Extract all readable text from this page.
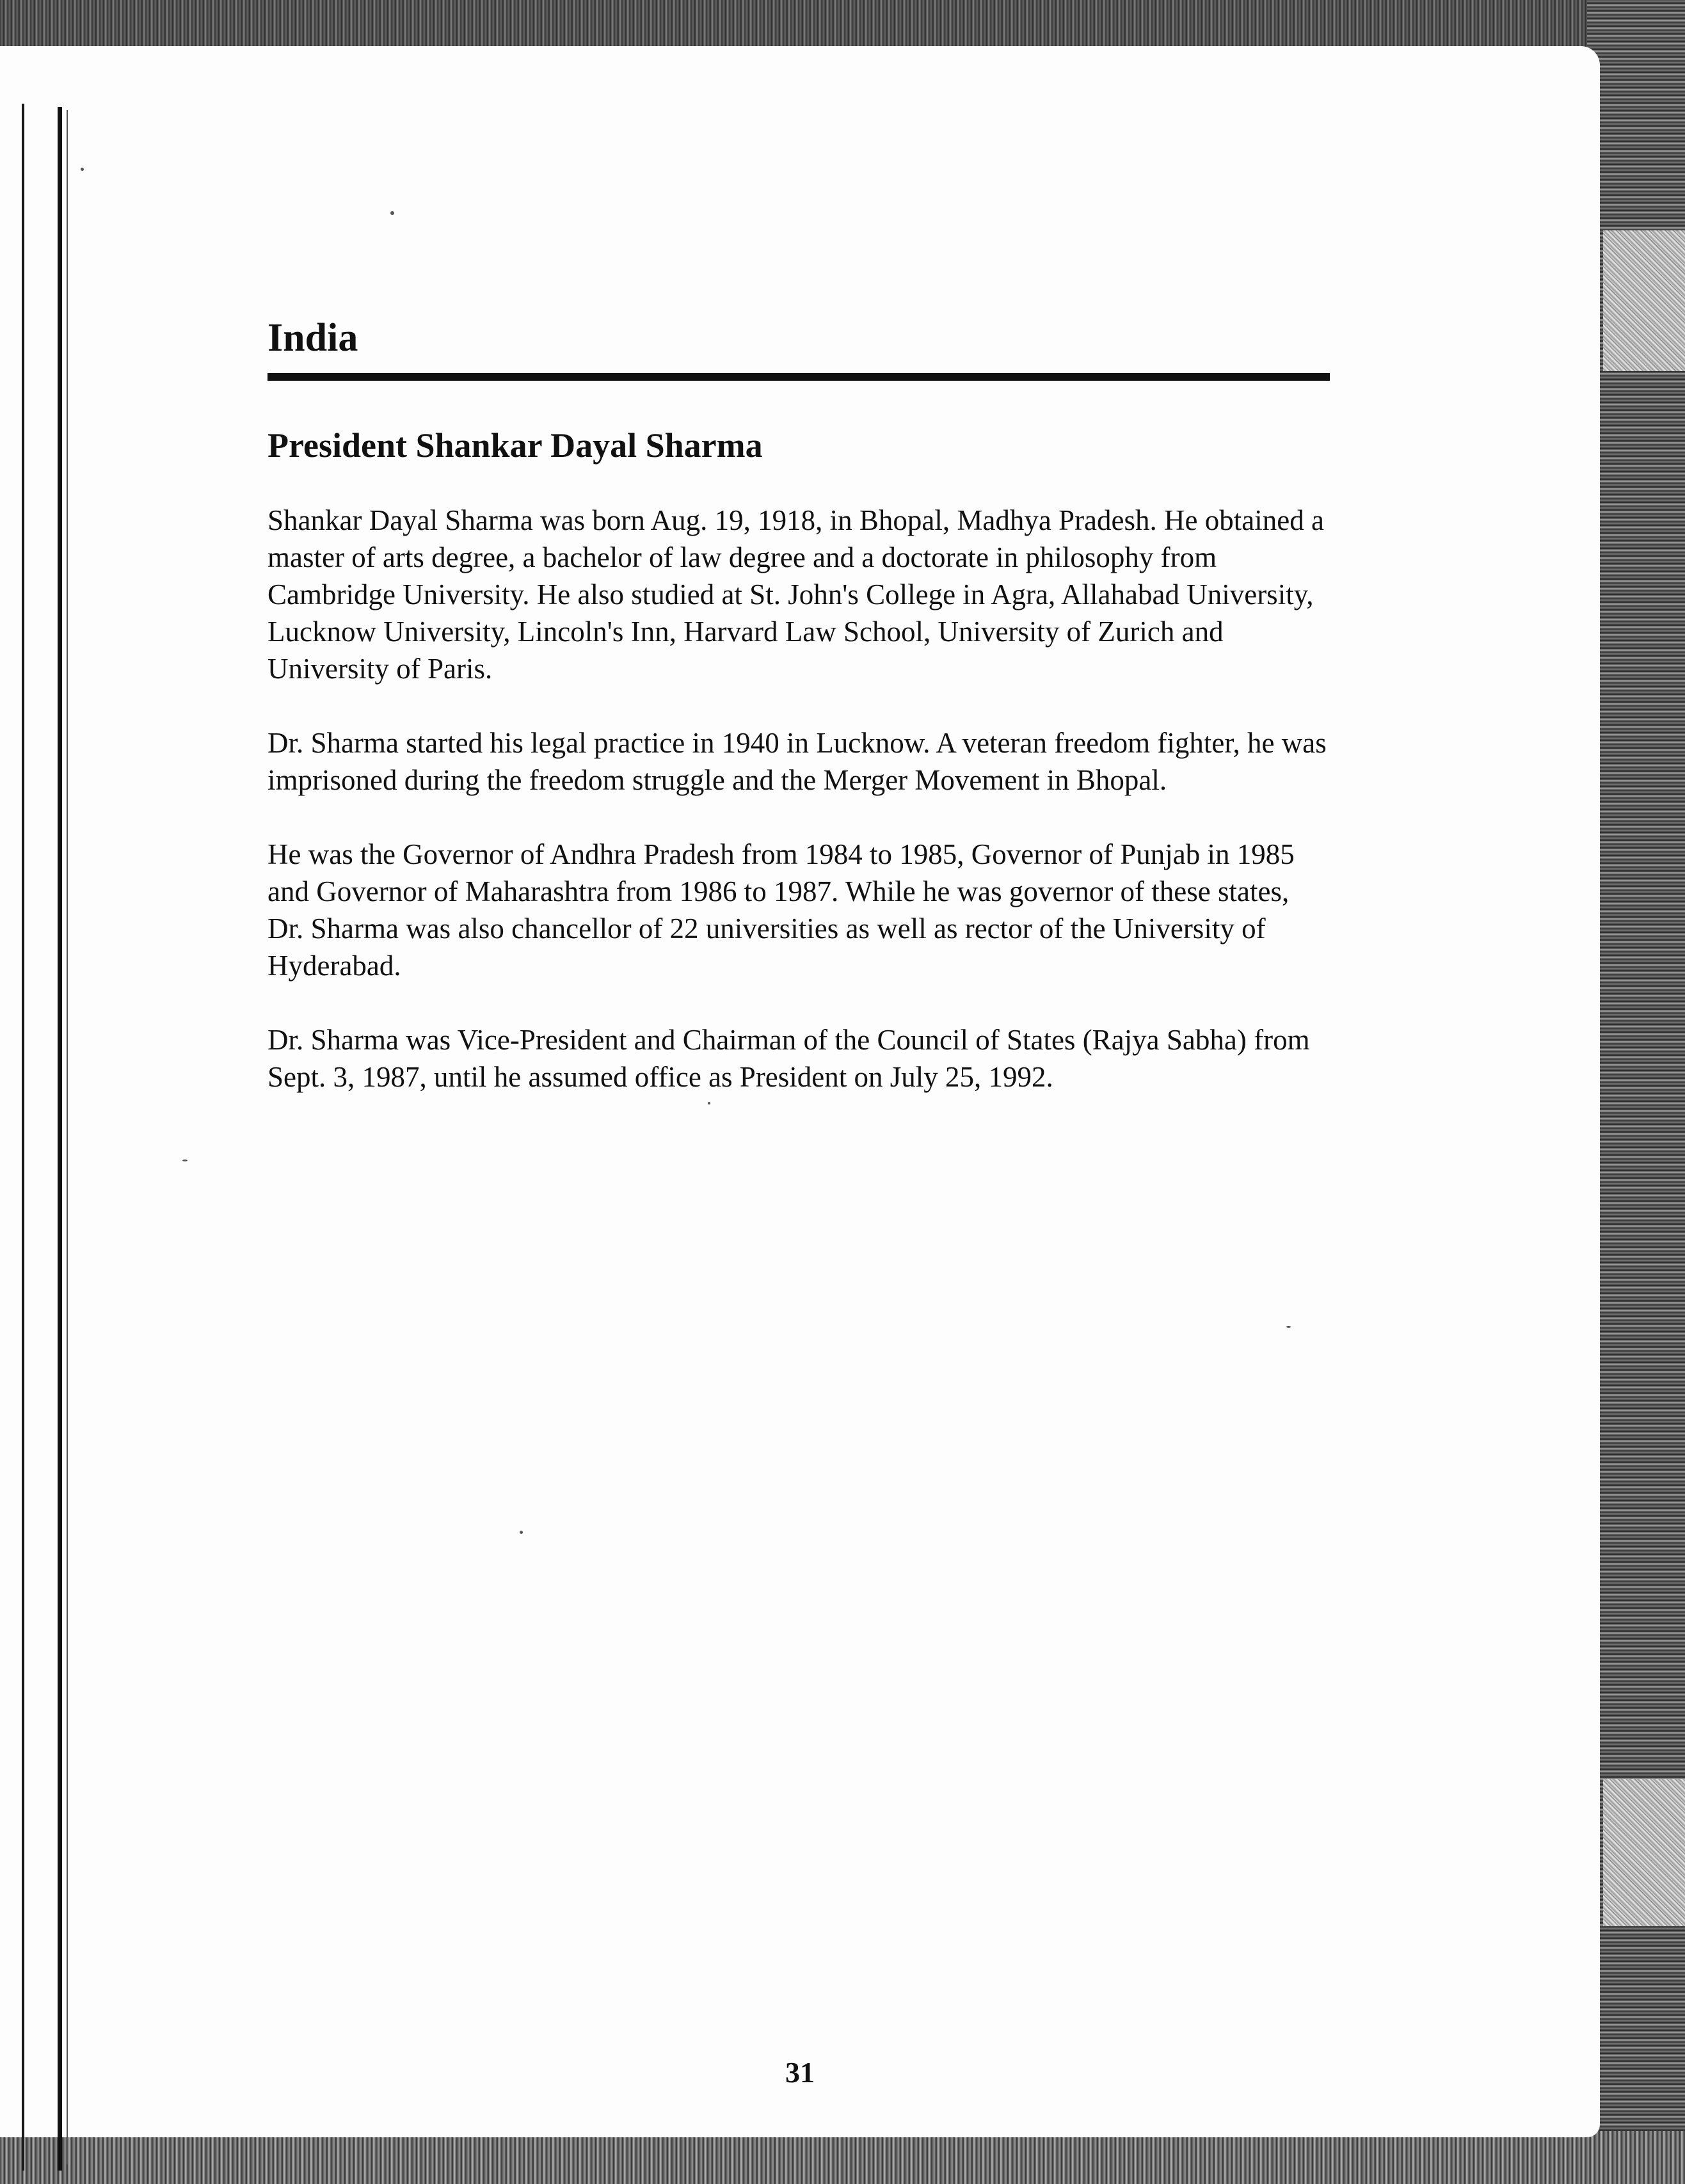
India
President Shankar Dayal Sharma

Shankar Dayal Sharma was born Aug. 19, 1918, in Bhopal, Madhya Pradesh. He obtained a master of arts degree, a bachelor of law degree and a doctorate in philosophy from Cambridge University. He also studied at St. John's College in Agra, Allahabad University, Lucknow University, Lincoln's Inn, Harvard Law School, University of Zurich and University of Paris.

Dr. Sharma started his legal practice in 1940 in Lucknow. A veteran freedom fighter, he was imprisoned during the freedom struggle and the Merger Movement in Bhopal.

He was the Governor of Andhra Pradesh from 1984 to 1985, Governor of Punjab in 1985 and Governor of Maharashtra from 1986 to 1987. While he was governor of these states, Dr. Sharma was also chancellor of 22 universities as well as rector of the University of Hyderabad.

Dr. Sharma was Vice-President and Chairman of the Council of States (Rajya Sabha) from Sept. 3, 1987, until he assumed office as President on July 25, 1992.

31
